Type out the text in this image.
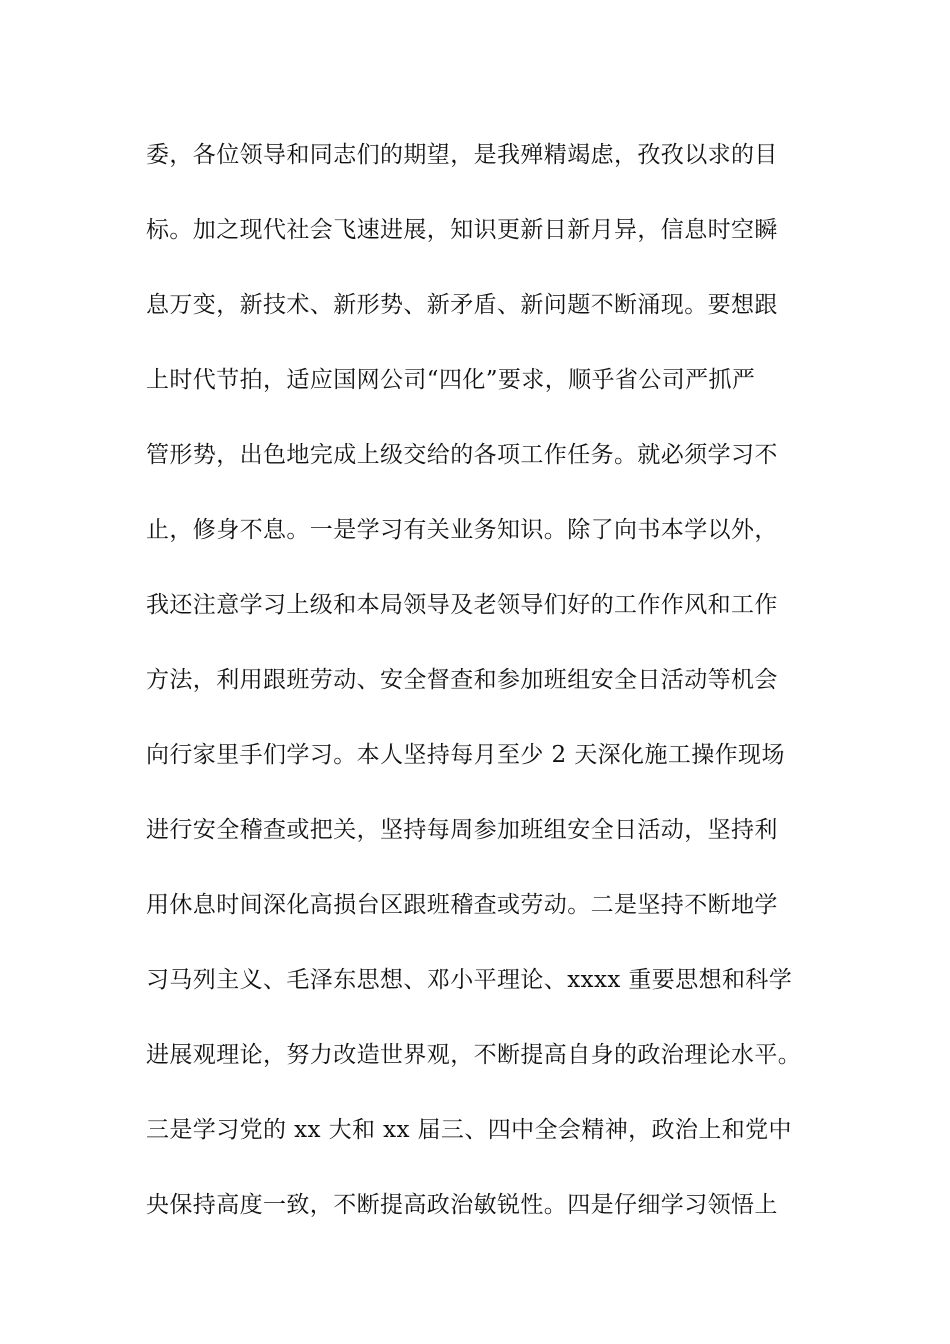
委，各位领导和同志们的期望，是我殚精竭虑，孜孜以求的目
标。加之现代社会飞速进展，知识更新日新月异，信息时空瞬
息万变，新技术、新形势、新矛盾、新问题不断涌现。要想跟
上时代节拍，适应国网公司“四化”要求，顺乎省公司严抓严
管形势，出色地完成上级交给的各项工作任务。就必须学习不
止，修身不息。一是学习有关业务知识。除了向书本学以外，
我还注意学习上级和本局领导及老领导们好的工作作风和工作
方法，利用跟班劳动、安全督查和参加班组安全日活动等机会
向行家里手们学习。本人坚持每月至少 2 天深化施工操作现场
进行安全稽查或把关，坚持每周参加班组安全日活动，坚持利
用休息时间深化高损台区跟班稽查或劳动。二是坚持不断地学
习马列主义、毛泽东思想、邓小平理论、xxxx 重要思想和科学
进展观理论，努力改造世界观，不断提高自身的政治理论水平。
三是学习党的 xx 大和 xx 届三、四中全会精神，政治上和党中
央保持高度一致，不断提高政治敏锐性。四是仔细学习领悟上
